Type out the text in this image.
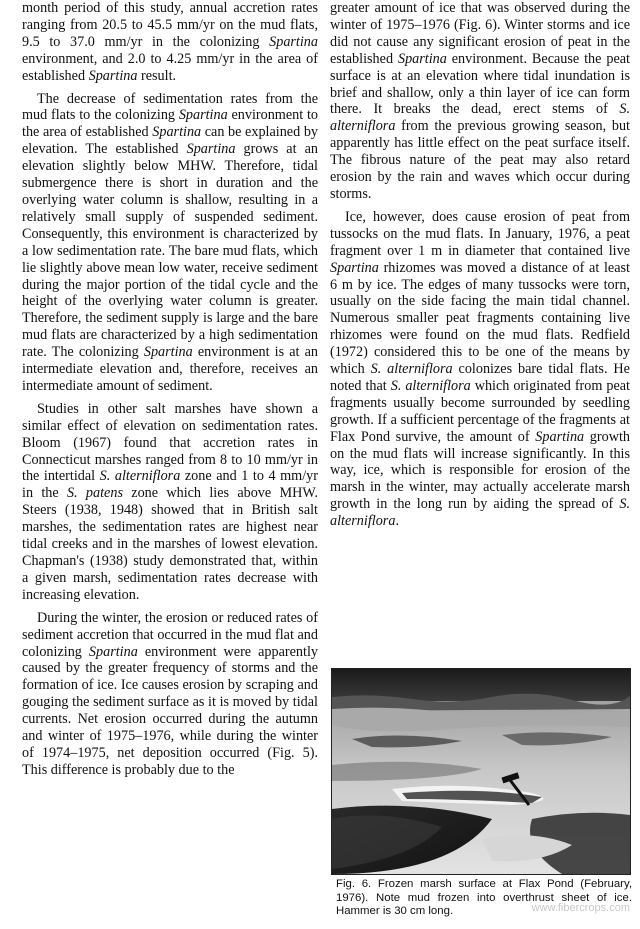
month period of this study, annual accretion rates ranging from 20.5 to 45.5 mm/yr on the mud flats, 9.5 to 37.0 mm/yr in the colonizing Spartina environment, and 2.0 to 4.25 mm/yr in the area of established Spartina result.

The decrease of sedimentation rates from the mud flats to the colonizing Spartina environment to the area of established Spartina can be explained by elevation. The established Spartina grows at an elevation slightly below MHW. Therefore, tidal submergence there is short in duration and the overlying water column is shallow, resulting in a relatively small supply of suspended sediment. Consequently, this environment is characterized by a low sedimentation rate. The bare mud flats, which lie slightly above mean low water, receive sediment during the major portion of the tidal cycle and the height of the overlying water column is greater. Therefore, the sediment supply is large and the bare mud flats are characterized by a high sedimentation rate. The colonizing Spartina environment is at an intermediate elevation and, therefore, receives an intermediate amount of sediment.

Studies in other salt marshes have shown a similar effect of elevation on sedimentation rates. Bloom (1967) found that accretion rates in Connecticut marshes ranged from 8 to 10 mm/yr in the intertidal S. alterniflora zone and 1 to 4 mm/yr in the S. patens zone which lies above MHW. Steers (1938, 1948) showed that in British salt marshes, the sedimentation rates are highest near tidal creeks and in the marshes of lowest elevation. Chapman's (1938) study demonstrated that, within a given marsh, sedimentation rates decrease with increasing elevation.

During the winter, the erosion or reduced rates of sediment accretion that occurred in the mud flat and colonizing Spartina environment were apparently caused by the greater frequency of storms and the formation of ice. Ice causes erosion by scraping and gouging the sediment surface as it is moved by tidal currents. Net erosion occurred during the autumn and winter of 1975–1976, while during the winter of 1974–1975, net deposition occurred (Fig. 5). This difference is probably due to the

greater amount of ice that was observed during the winter of 1975–1976 (Fig. 6). Winter storms and ice did not cause any significant erosion of peat in the established Spartina environment. Because the peat surface is at an elevation where tidal inundation is brief and shallow, only a thin layer of ice can form there. It breaks the dead, erect stems of S. alterniflora from the previous growing season, but apparently has little effect on the peat surface itself. The fibrous nature of the peat may also retard erosion by the rain and waves which occur during storms.

Ice, however, does cause erosion of peat from tussocks on the mud flats. In January, 1976, a peat fragment over 1 m in diameter that contained live Spartina rhizomes was moved a distance of at least 6 m by ice. The edges of many tussocks were torn, usually on the side facing the main tidal channel. Numerous smaller peat fragments containing live rhizomes were found on the mud flats. Redfield (1972) considered this to be one of the means by which S. alterniflora colonizes bare tidal flats. He noted that S. alterniflora which originated from peat fragments usually become surrounded by seedling growth. If a sufficient percentage of the fragments at Flax Pond survive, the amount of Spartina growth on the mud flats will increase significantly. In this way, ice, which is responsible for erosion of the marsh in the winter, may actually accelerate marsh growth in the long run by aiding the spread of S. alterniflora.

Fig. 6. Frozen marsh surface at Flax Pond (February, 1976). Note mud frozen into overthrust sheet of ice. Hammer is 30 cm long.	www.fibercrops.com
